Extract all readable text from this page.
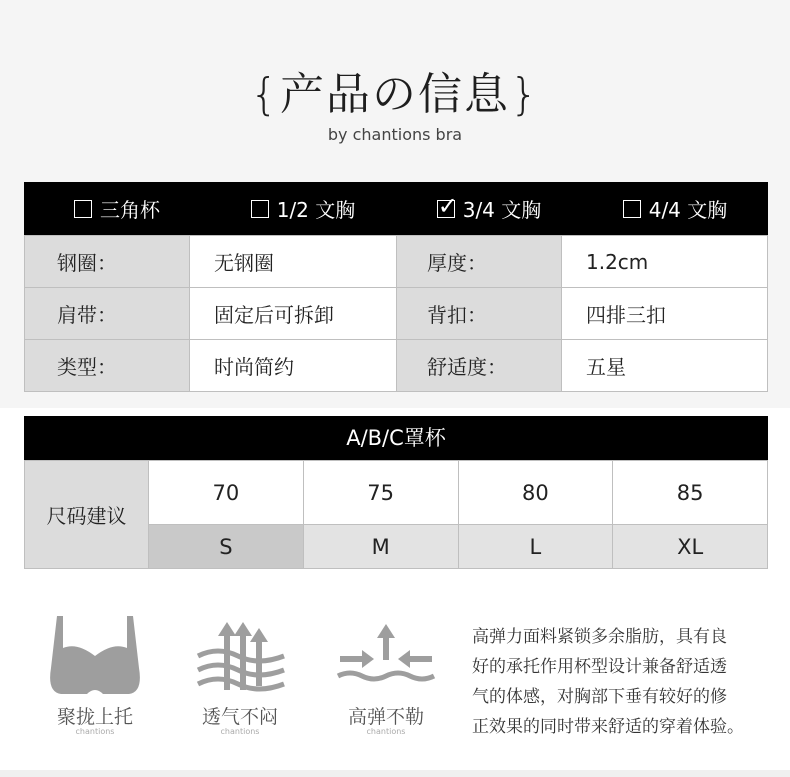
{产品の信息}
by chantions bra
三角杯	1/2 文胸 ✓	3/4 文胸	4/4 文胸
钢圈：	无钢圈	厚度：	1.2cm
肩带：	固定后可拆卸	背扣：	四排三扣
类型：	时尚简约	舒适度：	五星
A/B/C罩杯
尺码建议	70	75	80	85
	S	M	L	XL
聚拢上托
chantions
透气不闷
chantions
高弹不勒
chantions
高弹力面料紧锁多余脂肪，具有良
好的承托作用杯型设计兼备舒适透
气的体感，对胸部下垂有较好的修
正效果的同时带来舒适的穿着体验。
